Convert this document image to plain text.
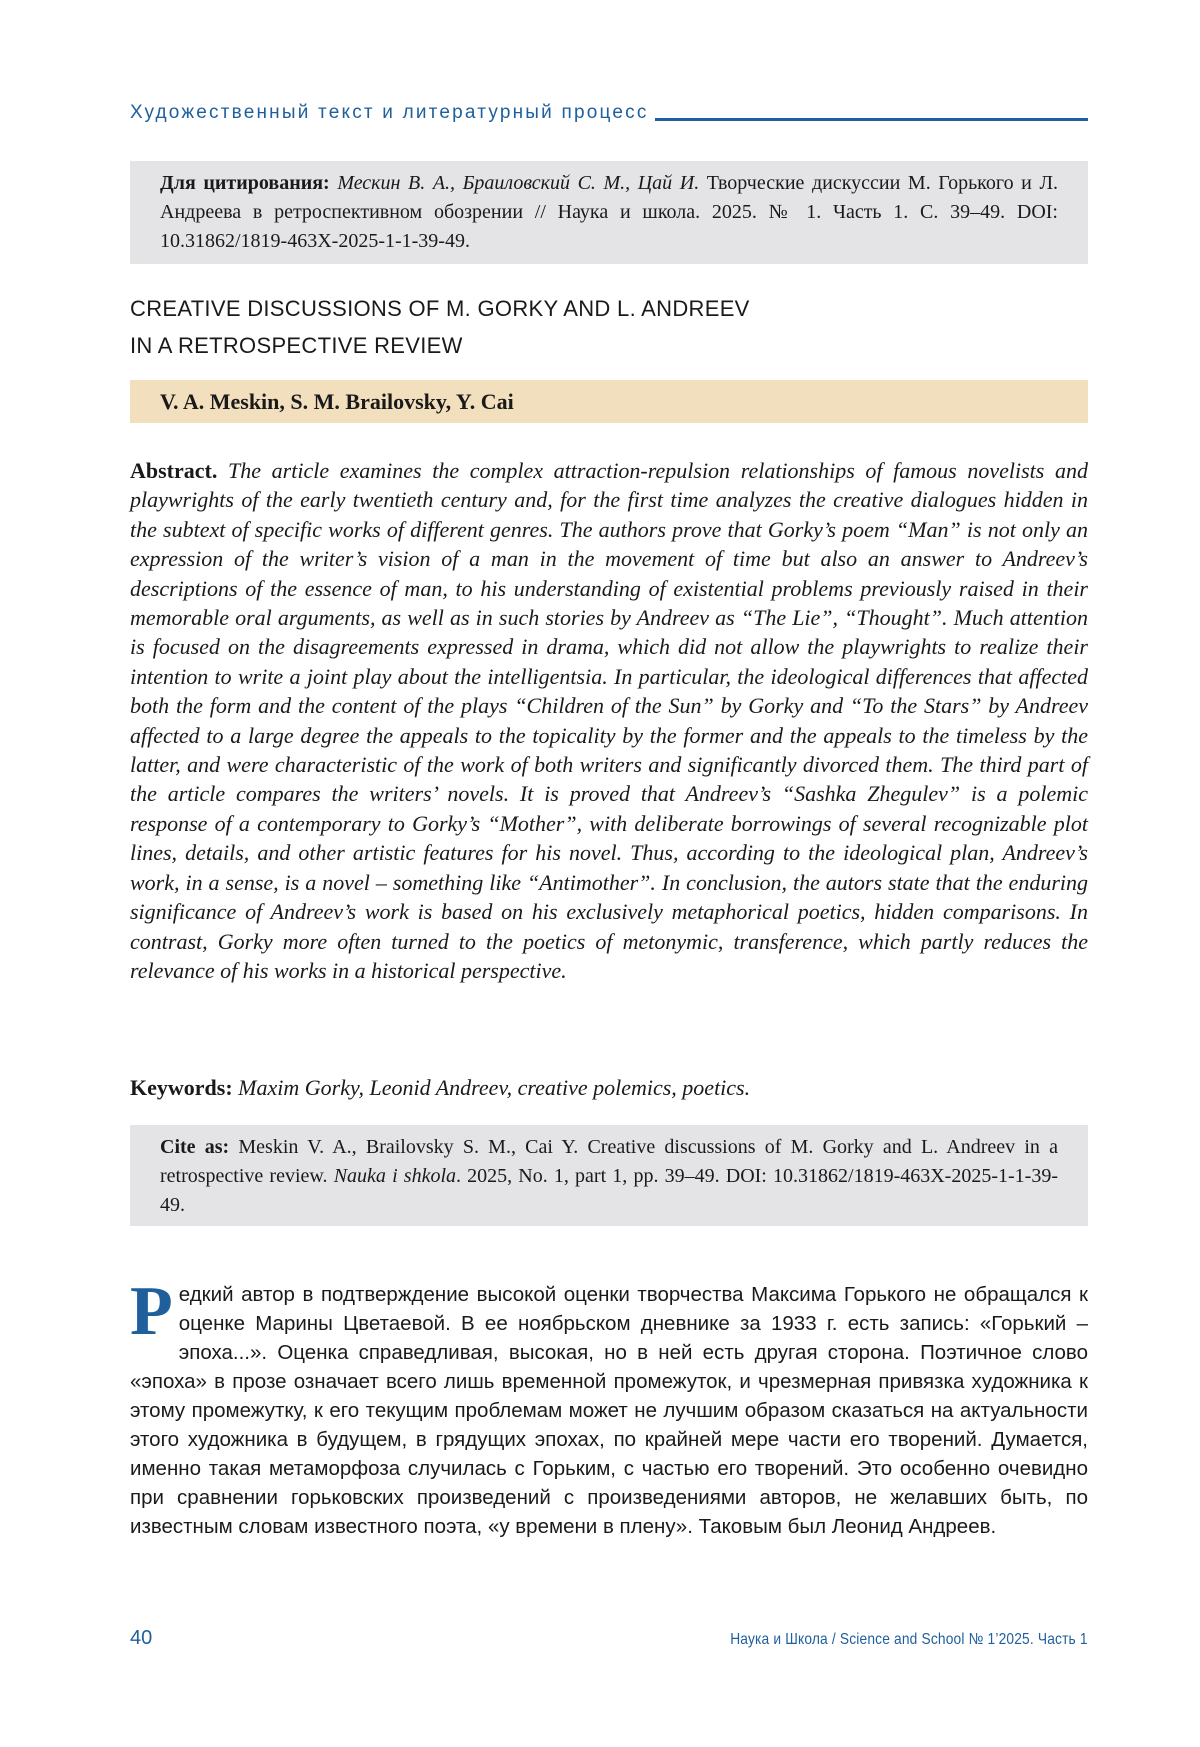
Художественный текст и литературный процесс
Для цитирования: Мескин В. А., Браиловский С. М., Цай И. Творческие дискуссии М. Горького и Л. Андреева в ретроспективном обозрении // Наука и школа. 2025. № 1. Часть 1. С. 39–49. DOI: 10.31862/1819-463X-2025-1-1-39-49.
CREATIVE DISCUSSIONS OF M. GORKY AND L. ANDREEV
IN A RETROSPECTIVE REVIEW
V. A. Meskin, S. M. Brailovsky, Y. Cai
Abstract. The article examines the complex attraction-repulsion relationships of famous novelists and playwrights of the early twentieth century and, for the first time analyzes the creative dialogues hidden in the subtext of specific works of different genres. The authors prove that Gorky’s poem “Man” is not only an expression of the writer’s vision of a man in the movement of time but also an answer to Andreev’s descriptions of the essence of man, to his understanding of existential problems previously raised in their memorable oral arguments, as well as in such stories by Andreev as “The Lie”, “Thought”. Much attention is focused on the disagreements expressed in drama, which did not allow the playwrights to realize their intention to write a joint play about the intelligentsia. In particular, the ideological differences that affected both the form and the content of the plays “Children of the Sun” by Gorky and “To the Stars” by Andreev affected to a large degree the appeals to the topicality by the former and the appeals to the timeless by the latter, and were characteristic of the work of both writers and significantly divorced them. The third part of the article compares the writers’ novels. It is proved that Andreev’s “Sashka Zhegulev” is a polemic response of a contemporary to Gorky’s “Mother”, with deliberate borrowings of several recognizable plot lines, details, and other artistic features for his novel. Thus, according to the ideological plan, Andreev’s work, in a sense, is a novel – something like “Antimother”. In conclusion, the autors state that the enduring significance of Andreev’s work is based on his exclusively metaphorical poetics, hidden comparisons. In contrast, Gorky more often turned to the poetics of metonymic, transference, which partly reduces the relevance of his works in a historical perspective.
Keywords: Maxim Gorky, Leonid Andreev, creative polemics, poetics.
Cite as: Meskin V. A., Brailovsky S. M., Cai Y. Creative discussions of M. Gorky and L. Andreev in a retrospective review. Nauka i shkola. 2025, No. 1, part 1, pp. 39–49. DOI: 10.31862/1819-463X-2025-1-1-39-49.
Редкий автор в подтверждение высокой оценки творчества Максима Горького не обращался к оценке Марины Цветаевой. В ее ноябрьском дневнике за 1933 г. есть запись: «Горький – эпоха...». Оценка справедливая, высокая, но в ней есть другая сторона. Поэтичное слово «эпоха» в прозе означает всего лишь временной промежуток, и чрезмерная привязка художника к этому промежутку, к его текущим проблемам может не лучшим образом сказаться на актуальности этого художника в будущем, в грядущих эпохах, по крайней мере части его творений. Думается, именно такая метаморфоза случилась с Горьким, с частью его творений. Это особенно очевидно при сравнении горьковских произведений с произведениями авторов, не желавших быть, по известным словам известного поэта, «у времени в плену». Таковым был Леонид Андреев.
40	Наука и Школа / Science and School № 1’2025. Часть 1
